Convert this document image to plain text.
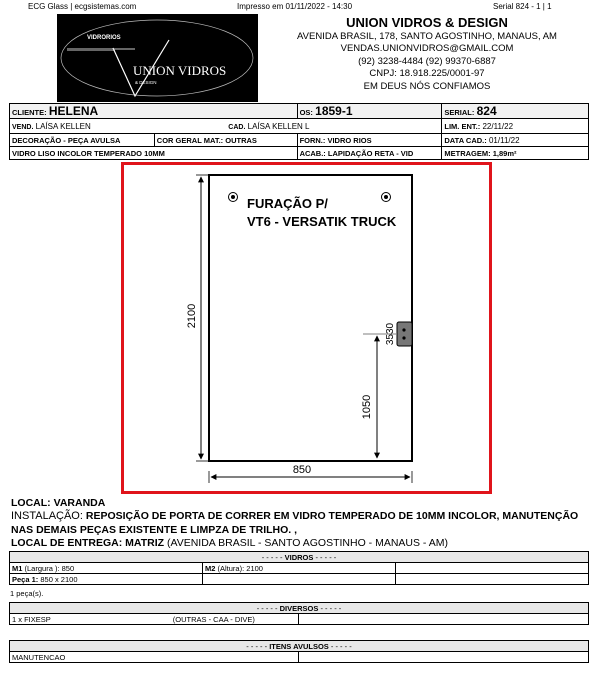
ECG Glass | ecgsistemas.com	Impresso em 01/11/2022 - 14:30	Serial 824 - 1 | 1
VIDRORIOS
UNION VIDROS
& DESIGN
UNION VIDROS & DESIGN
AVENIDA BRASIL, 178, SANTO AGOSTINHO, MANAUS, AM
VENDAS.UNIONVIDROS@GMAIL.COM
(92) 3238-4484 (92) 99370-6887
CNPJ: 18.918.225/0001-97
EM DEUS NÓS CONFIAMOS
CLIENTE: HELENA		OS: 1859-1	SERIAL: 824
VEND. LAÍSA KELLEN	CAD. LAÍSA KELLEN L		LIM. ENT.: 22/11/22
DECORAÇÃO - PEÇA AVULSA	COR GERAL MAT.: OUTRAS	FORN.: VIDRO RIOS	DATA CAD.: 01/11/22
VIDRO LISO INCOLOR TEMPERADO 10MM		ACAB.: LAPIDAÇÃO RETA - VID	METRAGEM: 1,89m²
FURAÇÃO P/
VT6 - VERSATIK TRUCK
2100
1050
3530
850
LOCAL: VARANDA
INSTALAÇÃO: REPOSIÇÃO DE PORTA DE CORRER EM VIDRO TEMPERADO DE 10MM INCOLOR, MANUTENÇÃO
NAS DEMAIS PEÇAS EXISTENTE E LIMPZA DE TRILHO. ,
LOCAL DE ENTREGA: MATRIZ (AVENIDA BRASIL - SANTO AGOSTINHO - MANAUS - AM)
- - - - - VIDROS - - - - -		
M1 (Largura ): 850	M2 (Altura): 2100	
Peça 1: 850 x 2100		
1 peça(s).
- - - - - DIVERSOS - - - - -
1 x FIXESP	(OUTRAS - CAA - DIVE)	
- - - - - ITENS AVULSOS - - - - -
MANUTENCAO	
